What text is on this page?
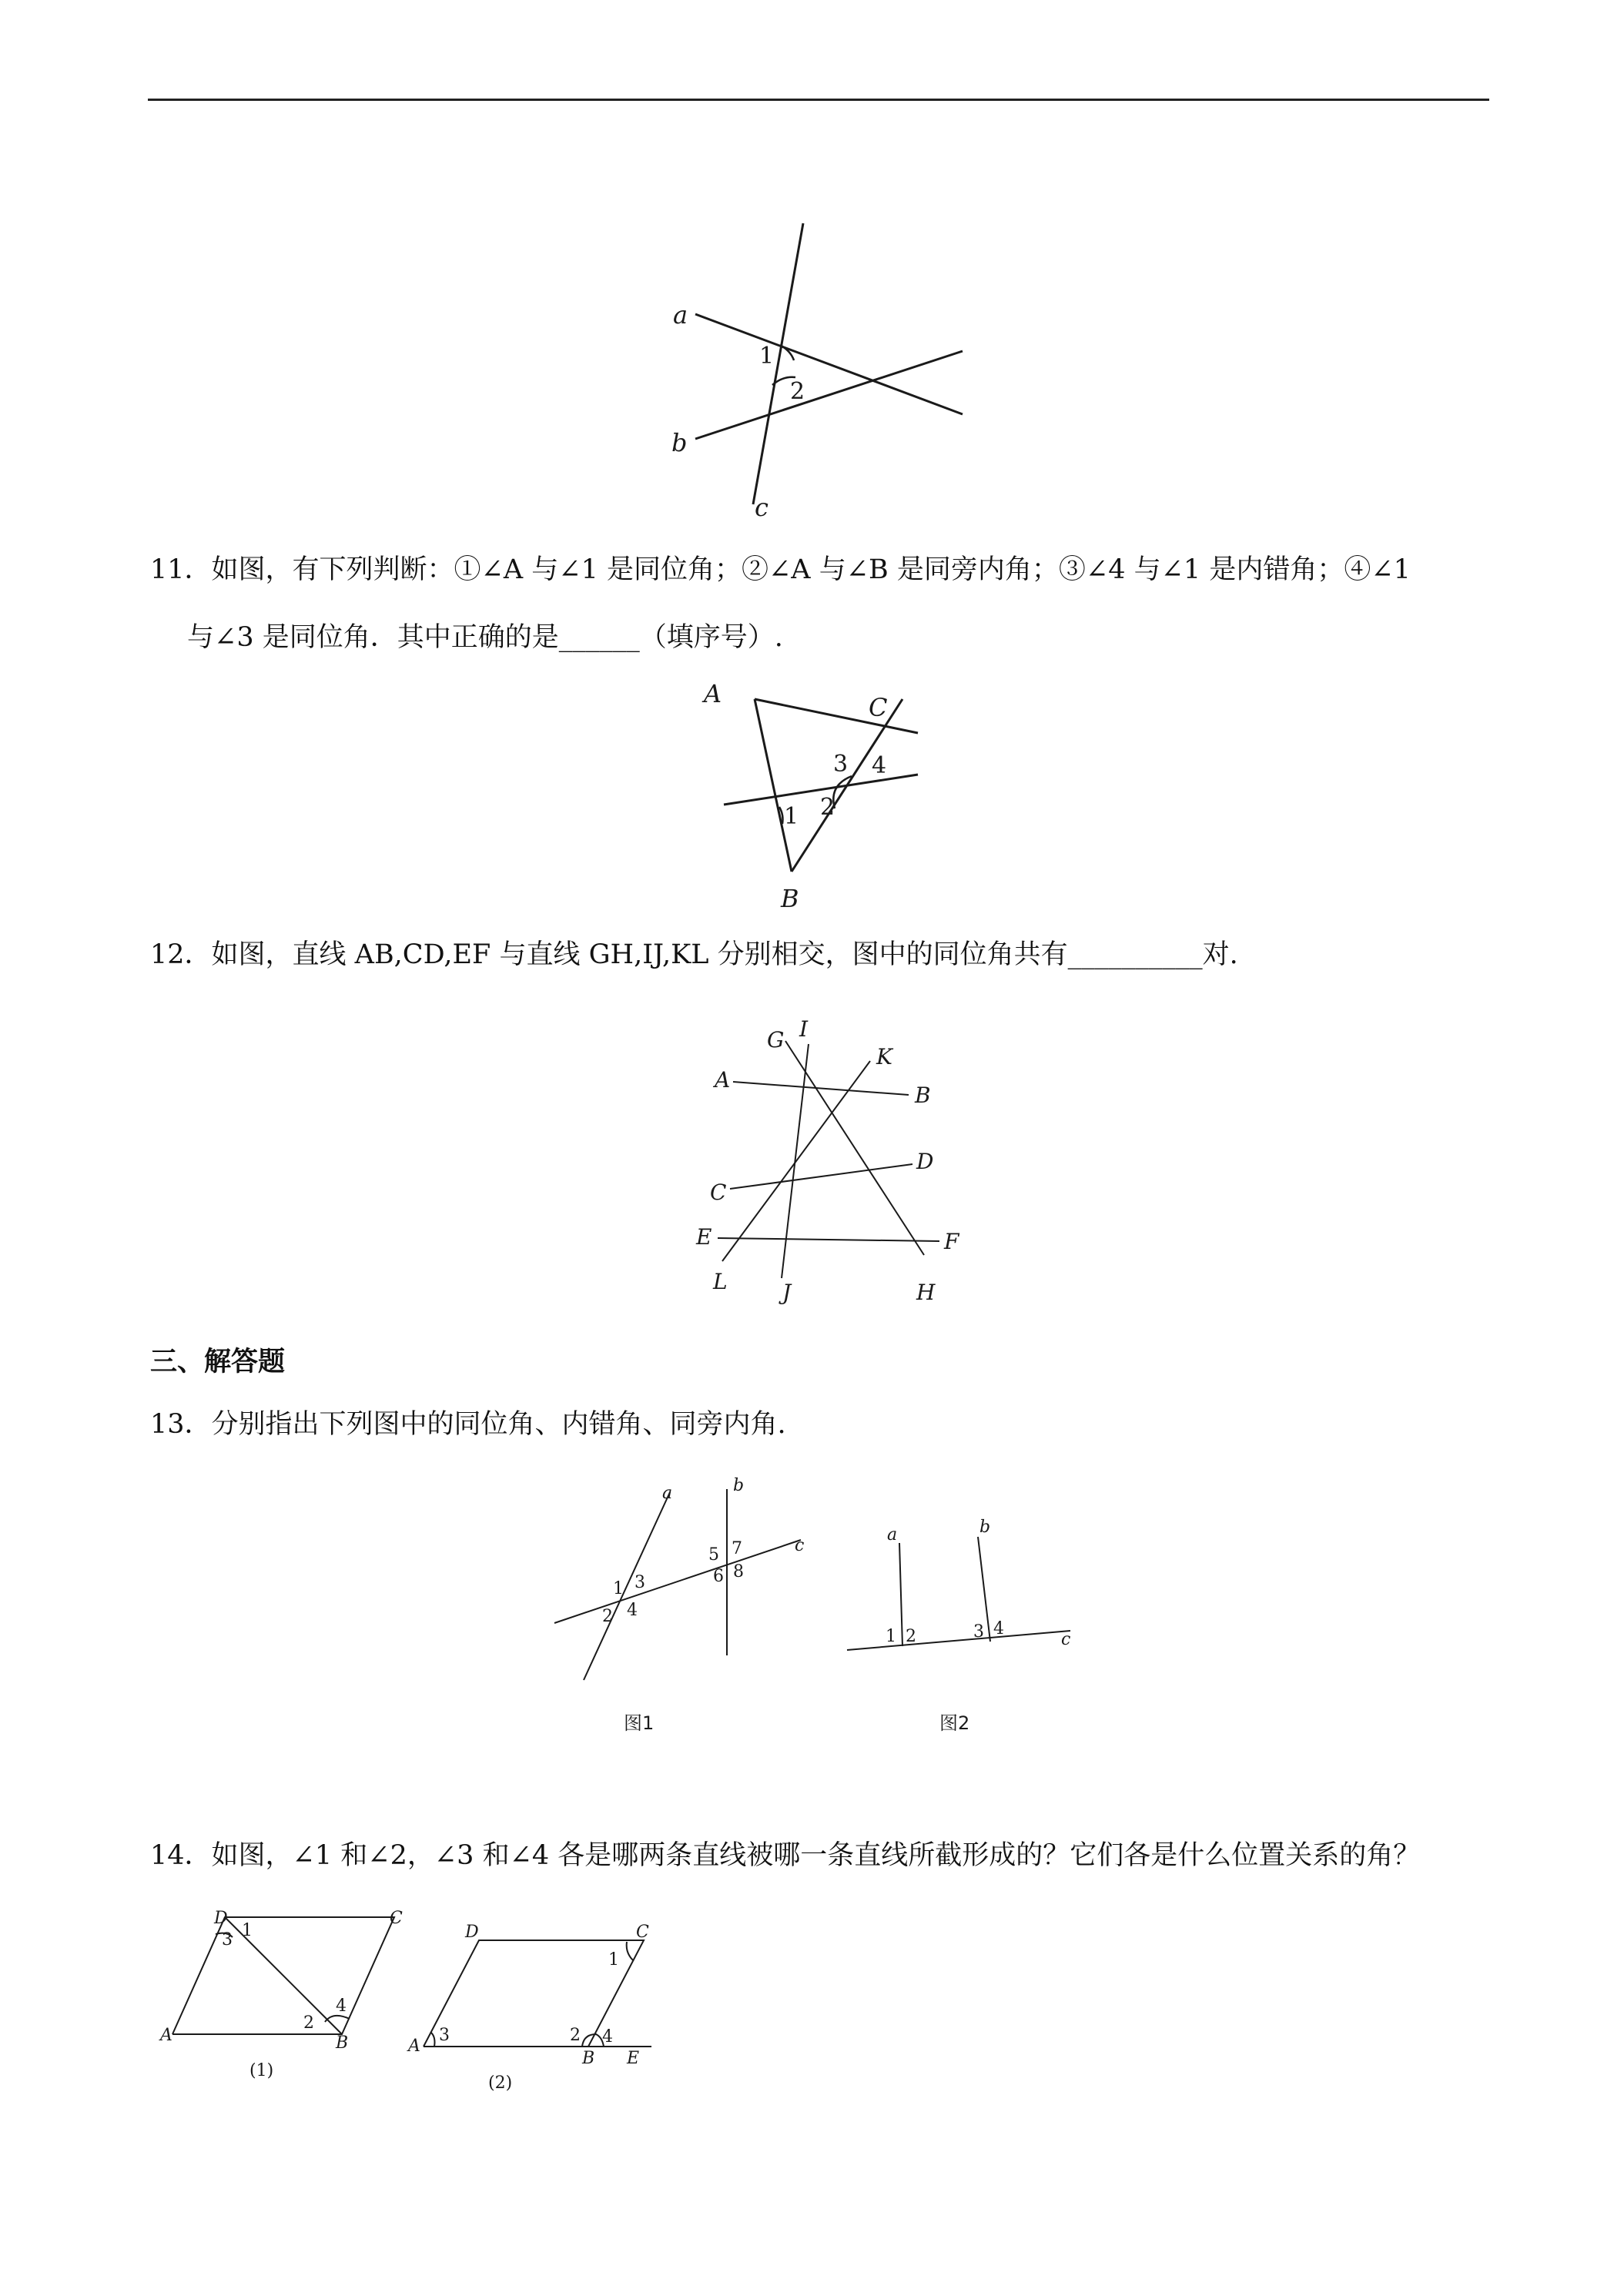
a
b
c
1
2
11．如图，有下列判断：①∠A 与∠1 是同位角；②∠A 与∠B 是同旁内角；③∠4 与∠1 是内错角；④∠1
与∠3 是同位角．其中正确的是______（填序号）.
A	C
3 4
1 2
B
12．如图，直线 AB,CD,EF 与直线 GH,IJ,KL 分别相交，图中的同位角共有__________对.
G I
K
A
B
D
C
E	F
L	J	H
三、解答题
13．分别指出下列图中的同位角、内错角、同旁内角.
a	b
c
5 7
6 8
1 3
2 4
图1
a	b
1 2	3 4
c
图2
14．如图，∠1 和∠2，∠3 和∠4 各是哪两条直线被哪一条直线所截形成的？它们各是什么位置关系的角？
D	C
3 1
2
4
A	B
(1)
D	C
1
3	2 4
A
B E
(2)
